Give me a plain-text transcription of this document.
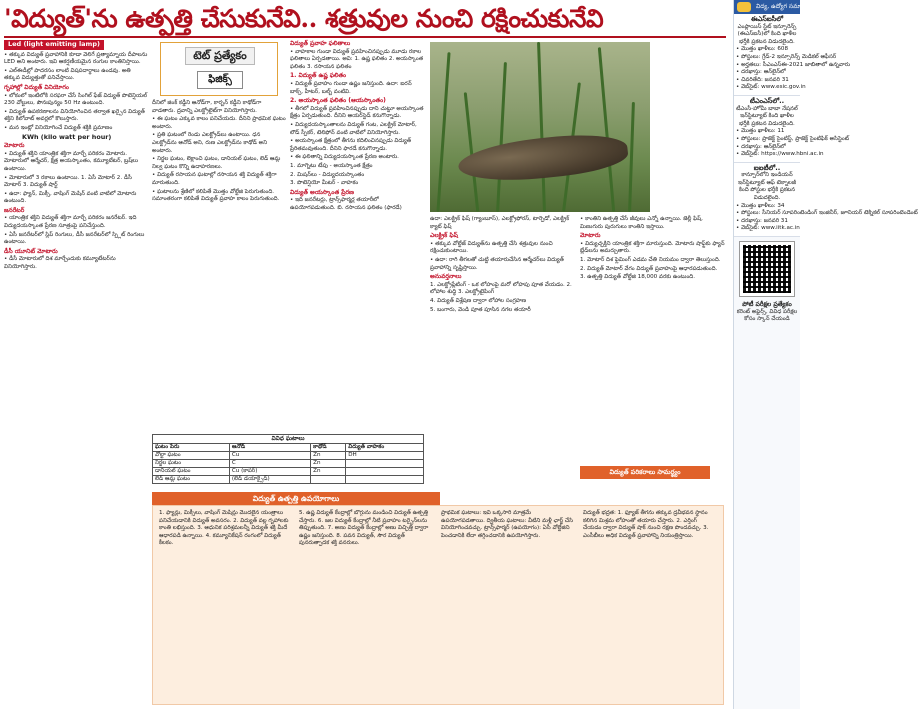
'విద్యుత్'ను ఉత్పత్తి చేసుకునేవి.. శత్రువుల నుంచి రక్షించుకునేవి
Led (light emitting lamp)

• తక్కువ విద్యుత్ ప్రవాహానికి కూడా వెలిగే ప్రత్యామ్నాయ దీపాలను LED అని అంటారు. ఇవి ఆకర్షణీయమైన రంగుల కాంతినిస్తాయి.

• ఎల్ఈడీల్లో పాదరసం లాంటి విషపదార్థాలు ఉండవు. అతి తక్కువ విద్యుత్తుతో పనిచేస్తాయి.

గృహాల్లో విద్యుత్ వినియోగం

• లోకంలో ఇంటిలోకి సరఫరా చేసే సింగిల్ ఫేజ్ విద్యుత్ పొటెన్షియల్ 230 వోల్టులు, పౌనఃపున్యం 50 Hz ఉంటుంది.

• విద్యుత్ ఉపకరణాలను వినియోగించిన తర్వాత ఖర్చైన విద్యుత్ శక్తిని కిలోవాట్ అవర్లలో కొలుస్తారు.

• మన ఇంట్లో వినియోగించే విద్యుత్ శక్తికి ప్రమాణం

KWh (kilo watt per hour)

మోటారు

• విద్యుత్ శక్తిని యాంత్రిక శక్తిగా మార్చే పరికరం మోటారు. మోటారులో ఆర్మేచర్, క్షేత్ర అయస్కాంతం, కమ్యూటేటర్, బ్రష్‌లు ఉంటాయి.

• మోటారులో 3 రకాలు ఉంటాయి. 1. ఏసీ మోటార్ 2. డీసీ మోటార్ 3. విద్యుత్ షార్ట్

• ఉదా: ఫ్యాన్, మిక్సీ, వాషింగ్ మెషిన్ వంటి వాటిలో మోటారు ఉంటుంది.

జనరేటర్

• యాంత్రిక శక్తిని విద్యుత్ శక్తిగా మార్చే పరికరం జనరేటర్. ఇది విద్యుదయస్కాంత ప్రేరణ సూత్రంపై పనిచేస్తుంది.

• ఏసీ జనరేటర్‌లో స్లిప్ రింగులు, డీసీ జనరేటర్‌లో స్ప్లిట్ రింగులు ఉంటాయి.

డీసీ యూనిట్ మోటారు

• డీసీ మోటారులో దిశ మార్చేందుకు కమ్యూటేటర్‌ను వినియోగిస్తారు.

టెట్ ప్రత్యేకం
ఫిజిక్స్

దీనిలో జింక్ కడ్డీని ఆనోడ్‌గా, కార్బన్ కడ్డీని కాథోడ్‌గా వాడతారు. ద్రవాన్ని ఎలక్ట్రోలైట్‌గా వినియోగిస్తారు.

• ఈ ఘటం ఎక్కువ కాలం పనిచేయదు. దీనిని ప్రాథమిక ఘటం అంటారు.

• ప్రతి ఘటంలో రెండు ఎలక్ట్రోడ్‌లు ఉంటాయి. ధన ఎలక్ట్రోడ్‌ను ఆనోడ్ అని, రుణ ఎలక్ట్రోడ్‌ను కాథోడ్ అని అంటారు.

• నిర్జల ఘటం, లెక్లాంచి ఘటం, డానియల్ ఘటం, లెడ్ ఆమ్ల నిల్వ ఘటం కొన్ని ఉదాహరణలు.

• విద్యుత్ రసాయన ఘటాల్లో రసాయన శక్తి విద్యుత్ శక్తిగా మారుతుంది.

• ఘటాలను శ్రేణిలో కలిపితే మొత్తం వోల్టేజి పెరుగుతుంది. సమాంతరంగా కలిపితే విద్యుత్ ప్రవాహ కాలం పెరుగుతుంది.

విద్యుత్ ప్రవాహ ఫలితాలు

• వాహకాల గుండా విద్యుత్ ప్రవహించినప్పుడు మూడు రకాల ఫలితాలు ఏర్పడతాయి. అవి: 1. ఉష్ణ ఫలితం 2. అయస్కాంత ఫలితం 3. రసాయన ఫలితం

1. విద్యుత్ ఉష్ణ ఫలితం

• విద్యుత్ ప్రవాహం గుండా ఉష్ణం జనిస్తుంది. ఉదా: ఐరన్ బాక్స్, హీటర్, బల్బ్ వంటివి.

2. అయస్కాంత ఫలితం (ఆయస్కాంతం)

• తీగలో విద్యుత్ ప్రవహించినప్పుడు దాని చుట్టూ అయస్కాంత క్షేత్రం ఏర్పడుతుంది. దీనిని ఆయర్‌స్టెడ్ కనుగొన్నాడు.

• విద్యుదయస్కాంతాలను విద్యుత్ గంట, ఎలక్ట్రిక్ మోటార్, లౌడ్ స్పీకర్, టెలిఫోన్ వంటి వాటిలో వినియోగిస్తారు.

• అయస్కాంత క్షేత్రంలో తీగను కదిలించినప్పుడు విద్యుత్ ప్రేరితమవుతుంది. దీనిని ఫారడే కనుగొన్నాడు.

• ఈ ఫలితాన్ని విద్యుదయస్కాంత ప్రేరణ అంటారు.

1. మాగ్నెటు టేపు - అయస్కాంత క్షేత్రం

2. మిషన్‌లు - విద్యుదయస్కాంతం

3. పొటెన్షియో మీటర్ - వాహకం

విద్యుత్ అయస్కాంత ప్రేరణ

• ఇది జనరేటర్లు, ట్రాన్స్‌ఫార్మర్ల తయారీలో ఉపయోగపడుతుంది. బి. రసాయన ఫలితం (ఫారడే)

ఉదా: ఎలక్ట్రిక్ ఫిష్ (గ్యాంబూస్), ఎలక్ట్రోఫోరస్, టార్పెడో, ఎలక్ట్రిక్ క్యాట్ ఫిష్

ఎలక్ట్రిక్ ఫిష్

• తక్కువ వోల్టేజ్ విద్యుత్‌ను ఉత్పత్తి చేసి శత్రువుల నుంచి రక్షించుకుంటాయి.

• ఉదా: రాగి తీగలతో చుట్టి తయారుచేసిన ఆర్మేచర్‌లు విద్యుత్ ప్రవాహాన్ని సృష్టిస్తాయి.

అనువర్తనాలు

1. ఎలక్ట్రోప్లేటింగ్ - ఒక లోహంపై మరో లోహపు పూత వేయడం. 2. లోహాల శుద్ధి 3. ఎలక్ట్రోటైపింగ్

4. విద్యుత్ విశ్లేషణ ద్వారా లోహాల సంగ్రహణ

5. బంగారు, వెండి పూత పూసిన నగల తయారీ

• కాంతిని ఉత్పత్తి చేసే జీవులు ఎన్నో ఉన్నాయి. జెల్లీ ఫిష్, మిణుగురు పురుగులు కాంతిని ఇస్తాయి.

మోటారు

• విద్యుచ్ఛక్తిని యాంత్రిక శక్తిగా మారుస్తుంది. మోటారు షాఫ్ట్‌కు ఫ్యాన్ బ్లేడ్‌లను అమర్చుతారు.

1. మోటార్ దిశ ఫ్లెమింగ్ ఎడమ చేతి నియమం ద్వారా తెలుస్తుంది.

2. విద్యుత్ మోటార్ వేగం విద్యుత్ ప్రవాహంపై ఆధారపడుతుంది.

3. ఉత్పత్తి విద్యుత్ వోల్టేజి 18,000 వరకు ఉంటుంది.

విద్యుత్ పరికరాలు సామర్థ్యం
వివిధ ఘటాలు
ఘటం పేరు	ఆనోడ్	కాథోడ్	విద్యుత్ వాహకం
వోల్టా ఘటం	Cu	Zn	DH
నిర్జల ఘటం	C	Zn	
డానియల్ ఘటం	Cu (కాపర్)	Zn	
లెడ్ ఆమ్ల ఘటం	(లెడ్ డయాక్సైడ్)		
విద్యుత్ ఉత్పత్తి ఉపయోగాలు
1. ఫ్యాన్లు, మిక్సీలు, వాషింగ్ మెషిన్లు మొదలైన యంత్రాలు పనిచేయడానికి విద్యుత్ అవసరం. 2. విద్యుత్ వల్ల గృహాలకు కాంతి లభిస్తుంది. 3. ఆధునిక పరిశ్రమలన్నీ విద్యుత్ శక్తి మీదే ఆధారపడి ఉన్నాయి. 4. కమ్యూనికేషన్ రంగంలో విద్యుత్ కీలకం.
5. ఉష్ణ విద్యుత్ కేంద్రాల్లో బొగ్గును మండించి విద్యుత్ ఉత్పత్తి చేస్తారు. 6. జల విద్యుత్ కేంద్రాల్లో నీటి ప్రవాహం టర్బైన్‌లను తిప్పుతుంది. 7. అణు విద్యుత్ కేంద్రాల్లో అణు విచ్ఛిత్తి ద్వారా ఉష్ణం జనిస్తుంది. 8. పవన విద్యుత్, సౌర విద్యుత్ పునరుత్పాదక శక్తి వనరులు.
ప్రాథమిక ఘటాలు: ఇవి ఒక్కసారి మాత్రమే ఉపయోగపడతాయి. ద్వితీయ ఘటాలు: వీటిని మళ్లీ ఛార్జ్ చేసి వినియోగించవచ్చు. ట్రాన్స్‌ఫార్మర్ (ఉపయోగం): ఏసీ వోల్టేజిని పెంచడానికి లేదా తగ్గించడానికి ఉపయోగిస్తారు.
విద్యుత్ భద్రత: 1. ఫ్యూజ్ తీగను తక్కువ ద్రవీభవన స్థానం కలిగిన మిశ్రమ లోహంతో తయారు చేస్తారు. 2. ఎర్తింగ్ చేయడం ద్వారా విద్యుత్ షాక్ నుంచి రక్షణ పొందవచ్చు. 3. ఎంసీబీలు అధిక విద్యుత్ ప్రవాహాన్ని నియంత్రిస్తాయి.
విద్య, ఉద్యోగ సమాచారం
ఈఎస్ఐసీలో
ఎంప్లాయిస్ స్టేట్ ఇన్సూరెన్స్ (ఈఎస్ఐసీ)లో కింది ఖాళీల భర్తీకి ప్రకటన విడుదలైంది.
• మొత్తం ఖాళీలు: 608
• పోస్టులు: గ్రేడ్-2 ఇన్సూరెన్స్ మెడికల్ ఆఫీసర్
• అర్హతలు: సీఎంఎస్ఈ-2021 జాబితాలో ఉన్నవారు
• దరఖాస్తు: ఆన్‌లైన్‌లో
• చివరితేది: జనవరి 31
• వెబ్‌సైట్: www.esic.gov.in
టీఎంఎస్‌లో..
టీఎంసీ-హోమీ బాబా నేషనల్ ఇన్‌స్టిట్యూట్ కింది ఖాళీల భర్తీకి ప్రకటన విడుదలైంది.
• మొత్తం ఖాళీలు: 11
• పోస్టులు: ప్రాజెక్ట్ సైంటిస్ట్, ప్రాజెక్ట్ సైంటిఫిక్ అసిస్టెంట్
• దరఖాస్తు: ఆన్‌లైన్‌లో
• వెబ్‌సైట్: https://www.hbni.ac.in
ఐఐటీలో..
కాన్పూర్‌లోని ఇండియన్ ఇన్‌స్టిట్యూట్ ఆఫ్ టెక్నాలజీ కింది పోస్టుల భర్తీకి ప్రకటన విడుదలైంది.
• మొత్తం ఖాళీలు: 34
• పోస్టులు: సీనియర్ సూపరింటెండింగ్ ఇంజినీర్, జూనియర్ టెక్నికల్ సూపరింటెండెంట్
• దరఖాస్తు: జనవరి 31
• వెబ్‌సైట్: www.iitk.ac.in
పోటీ పరీక్షల ప్రత్యేకం
కరెంట్ అఫైర్స్, వివిధ పరీక్షల కోసం స్కాన్ చేయండి
